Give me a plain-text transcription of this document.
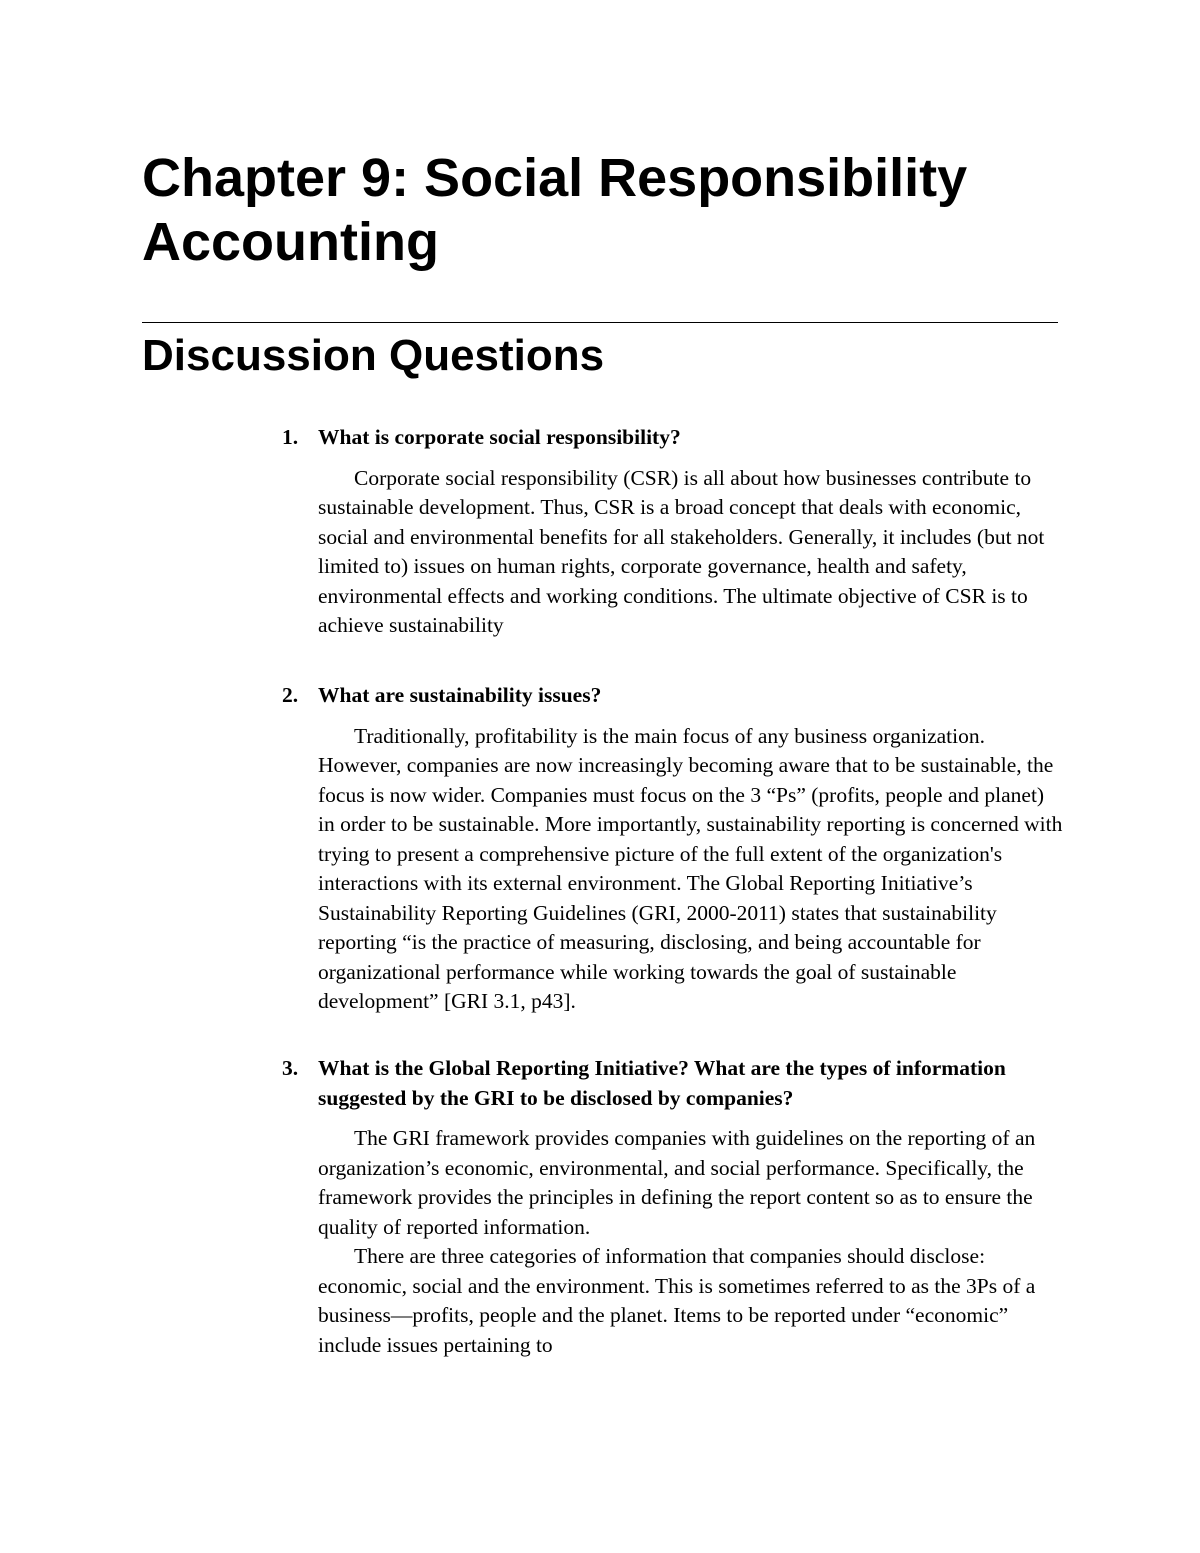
Chapter 9: Social Responsibility Accounting
Discussion Questions
1. What is corporate social responsibility?

Corporate social responsibility (CSR) is all about how businesses contribute to sustainable development. Thus, CSR is a broad concept that deals with economic, social and environmental benefits for all stakeholders. Generally, it includes (but not limited to) issues on human rights, corporate governance, health and safety, environmental effects and working conditions. The ultimate objective of CSR is to achieve sustainability

2. What are sustainability issues?

Traditionally, profitability is the main focus of any business organization. However, companies are now increasingly becoming aware that to be sustainable, the focus is now wider. Companies must focus on the 3 “Ps” (profits, people and planet) in order to be sustainable. More importantly, sustainability reporting is concerned with trying to present a comprehensive picture of the full extent of the organization's interactions with its external environment. The Global Reporting Initiative’s Sustainability Reporting Guidelines (GRI, 2000-2011) states that sustainability reporting “is the practice of measuring, disclosing, and being accountable for organizational performance while working towards the goal of sustainable development” [GRI 3.1, p43].

3. What is the Global Reporting Initiative? What are the types of information suggested by the GRI to be disclosed by companies?

The GRI framework provides companies with guidelines on the reporting of an organization’s economic, environmental, and social performance. Specifically, the framework provides the principles in defining the report content so as to ensure the quality of reported information.

There are three categories of information that companies should disclose: economic, social and the environment. This is sometimes referred to as the 3Ps of a business—profits, people and the planet. Items to be reported under “economic” include issues pertaining to
